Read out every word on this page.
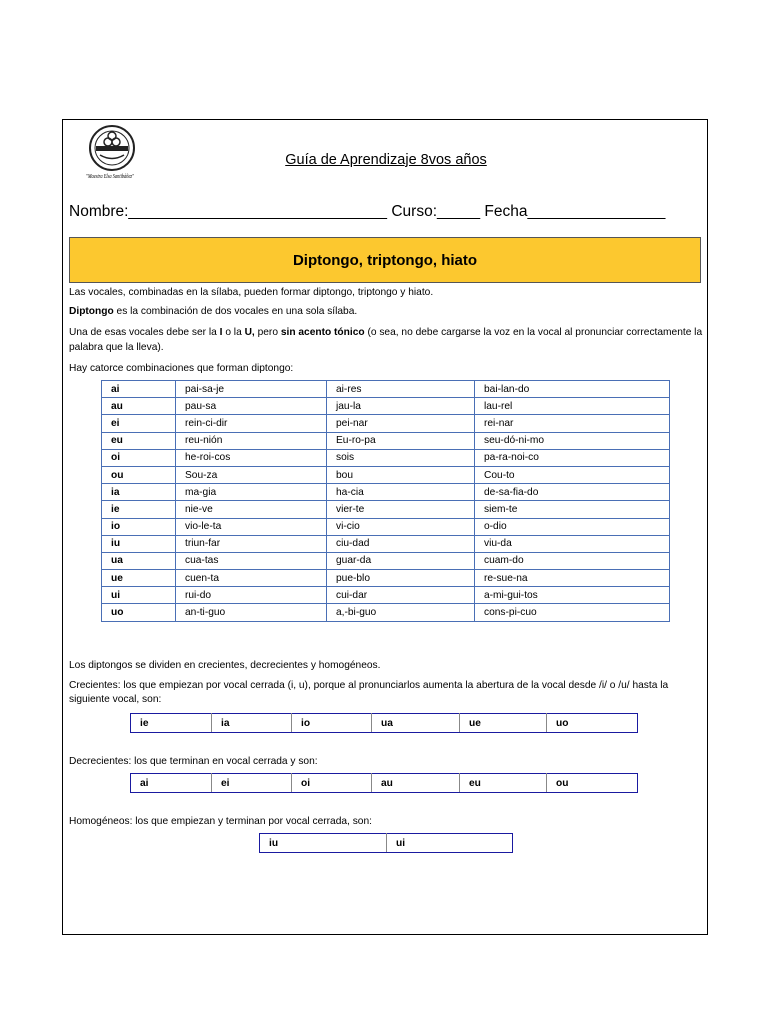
"Maestra Elsa Santibáñez"
Guía de Aprendizaje 8vos años
Nombre:______________________________ Curso:_____ Fecha________________
Diptongo, triptongo, hiato
Las vocales, combinadas en la sílaba, pueden formar diptongo, triptongo y hiato.
Diptongo es la combinación de dos vocales en una sola sílaba.
Una de esas vocales debe ser la I o la U, pero sin acento tónico (o sea, no debe cargarse la voz en la vocal al pronunciar correctamente la palabra que la lleva).
Hay catorce combinaciones que forman diptongo:
ai	pai-sa-je	ai-res	bai-lan-do
au	pau-sa	jau-la	lau-rel
ei	rein-ci-dir	pei-nar	rei-nar
eu	reu-nión	Eu-ro-pa	seu-dó-ni-mo
oi	he-roi-cos	sois	pa-ra-noi-co
ou	Sou-za	bou	Cou-to
ia	ma-gia	ha-cia	de-sa-fia-do
ie	nie-ve	vier-te	siem-te
io	vio-le-ta	vi-cio	o-dio
iu	triun-far	ciu-dad	viu-da
ua	cua-tas	guar-da	cuam-do
ue	cuen-ta	pue-blo	re-sue-na
ui	rui-do	cui-dar	a-mi-gui-tos
uo	an-ti-guo	a,-bi-guo	cons-pi-cuo
Los diptongos se dividen en crecientes, decrecientes y homogéneos.
Crecientes: los que empiezan por vocal cerrada (i, u), porque al pronunciarlos aumenta la abertura de la vocal desde /i/ o /u/ hasta la siguiente vocal, son:
ie	ia	io	ua	ue	uo
Decrecientes: los que terminan en vocal cerrada y son:
ai	ei	oi	au	eu	ou
Homogéneos: los que empiezan y terminan por vocal cerrada, son:
iu	ui
